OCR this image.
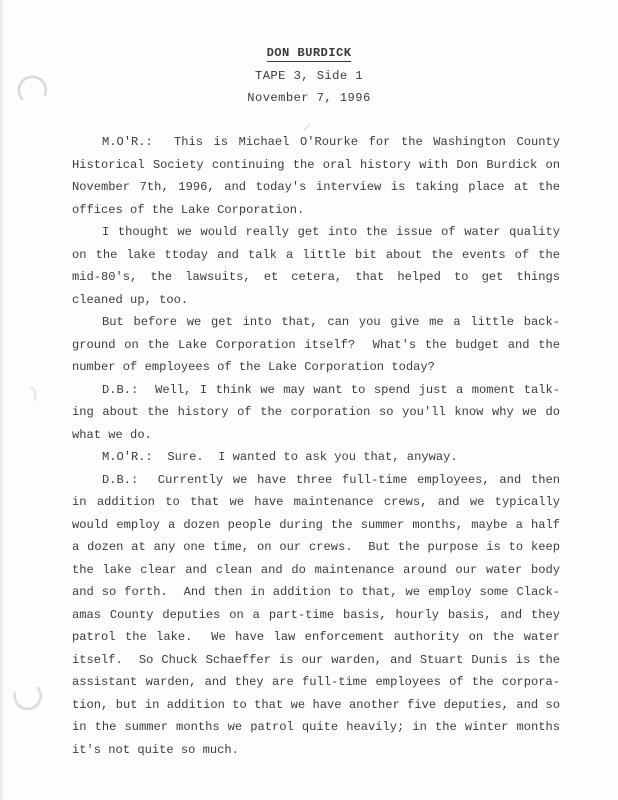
DON BURDICK
TAPE 3, Side 1
November 7, 1996
M.O'R.:  This is Michael O'Rourke for the Washington County
Historical Society continuing the oral history with Don Burdick on
November 7th, 1996, and today's interview is taking place at the
offices of the Lake Corporation.
I thought we would really get into the issue of water quality
on the lake ttoday and talk a little bit about the events of the
mid-80's, the lawsuits, et cetera, that helped to get things
cleaned up, too.
But before we get into that, can you give me a little back-
ground on the Lake Corporation itself?  What's the budget and the
number of employees of the Lake Corporation today?
D.B.:  Well, I think we may want to spend just a moment talk-
ing about the history of the corporation so you'll know why we do
what we do.
M.O'R.:  Sure.  I wanted to ask you that, anyway.
D.B.:  Currently we have three full-time employees, and then
in addition to that we have maintenance crews, and we typically
would employ a dozen people during the summer months, maybe a half
a dozen at any one time, on our crews.  But the purpose is to keep
the lake clear and clean and do maintenance around our water body
and so forth.  And then in addition to that, we employ some Clack-
amas County deputies on a part-time basis, hourly basis, and they
patrol the lake.  We have law enforcement authority on the water
itself.  So Chuck Schaeffer is our warden, and Stuart Dunis is the
assistant warden, and they are full-time employees of the corpora-
tion, but in addition to that we have another five deputies, and so
in the summer months we patrol quite heavily; in the winter months
it's not quite so much.
